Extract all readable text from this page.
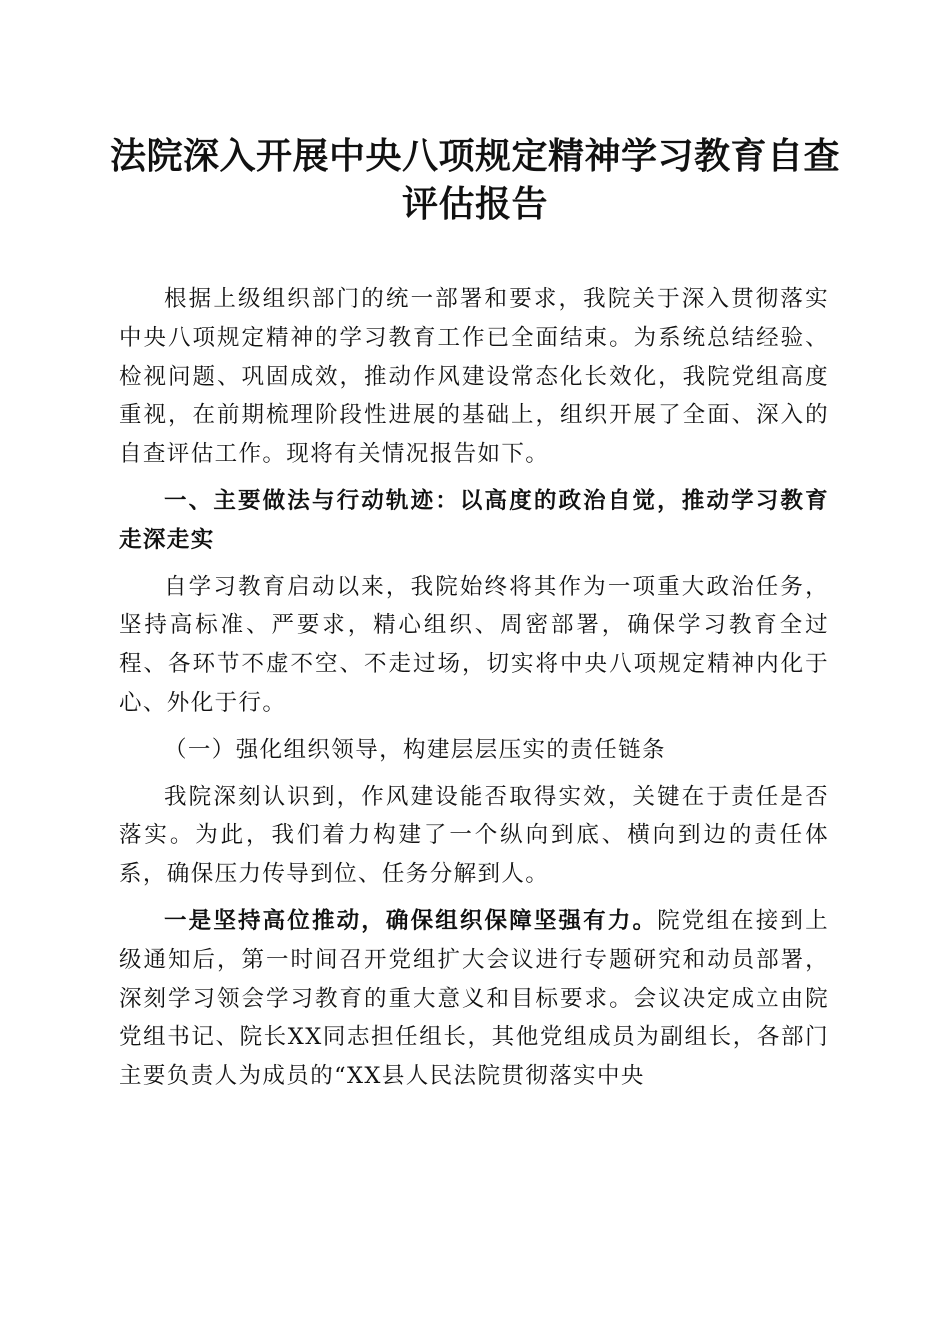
法院深入开展中央八项规定精神学习教育自查
评估报告

根据上级组织部门的统一部署和要求，我院关于深入贯彻落实中央八项规定精神的学习教育工作已全面结束。为系统总结经验、检视问题、巩固成效，推动作风建设常态化长效化，我院党组高度重视，在前期梳理阶段性进展的基础上，组织开展了全面、深入的自查评估工作。现将有关情况报告如下。

一、主要做法与行动轨迹：以高度的政治自觉，推动学习教育走深走实

自学习教育启动以来，我院始终将其作为一项重大政治任务，坚持高标准、严要求，精心组织、周密部署，确保学习教育全过程、各环节不虚不空、不走过场，切实将中央八项规定精神内化于心、外化于行。

（一）强化组织领导，构建层层压实的责任链条

我院深刻认识到，作风建设能否取得实效，关键在于责任是否落实。为此，我们着力构建了一个纵向到底、横向到边的责任体系，确保压力传导到位、任务分解到人。

一是坚持高位推动，确保组织保障坚强有力。院党组在接到上级通知后，第一时间召开党组扩大会议进行专题研究和动员部署，深刻学习领会学习教育的重大意义和目标要求。会议决定成立由院党组书记、院长XX同志担任组长，其他党组成员为副组长，各部门主要负责人为成员的“XX县人民法院贯彻落实中央
